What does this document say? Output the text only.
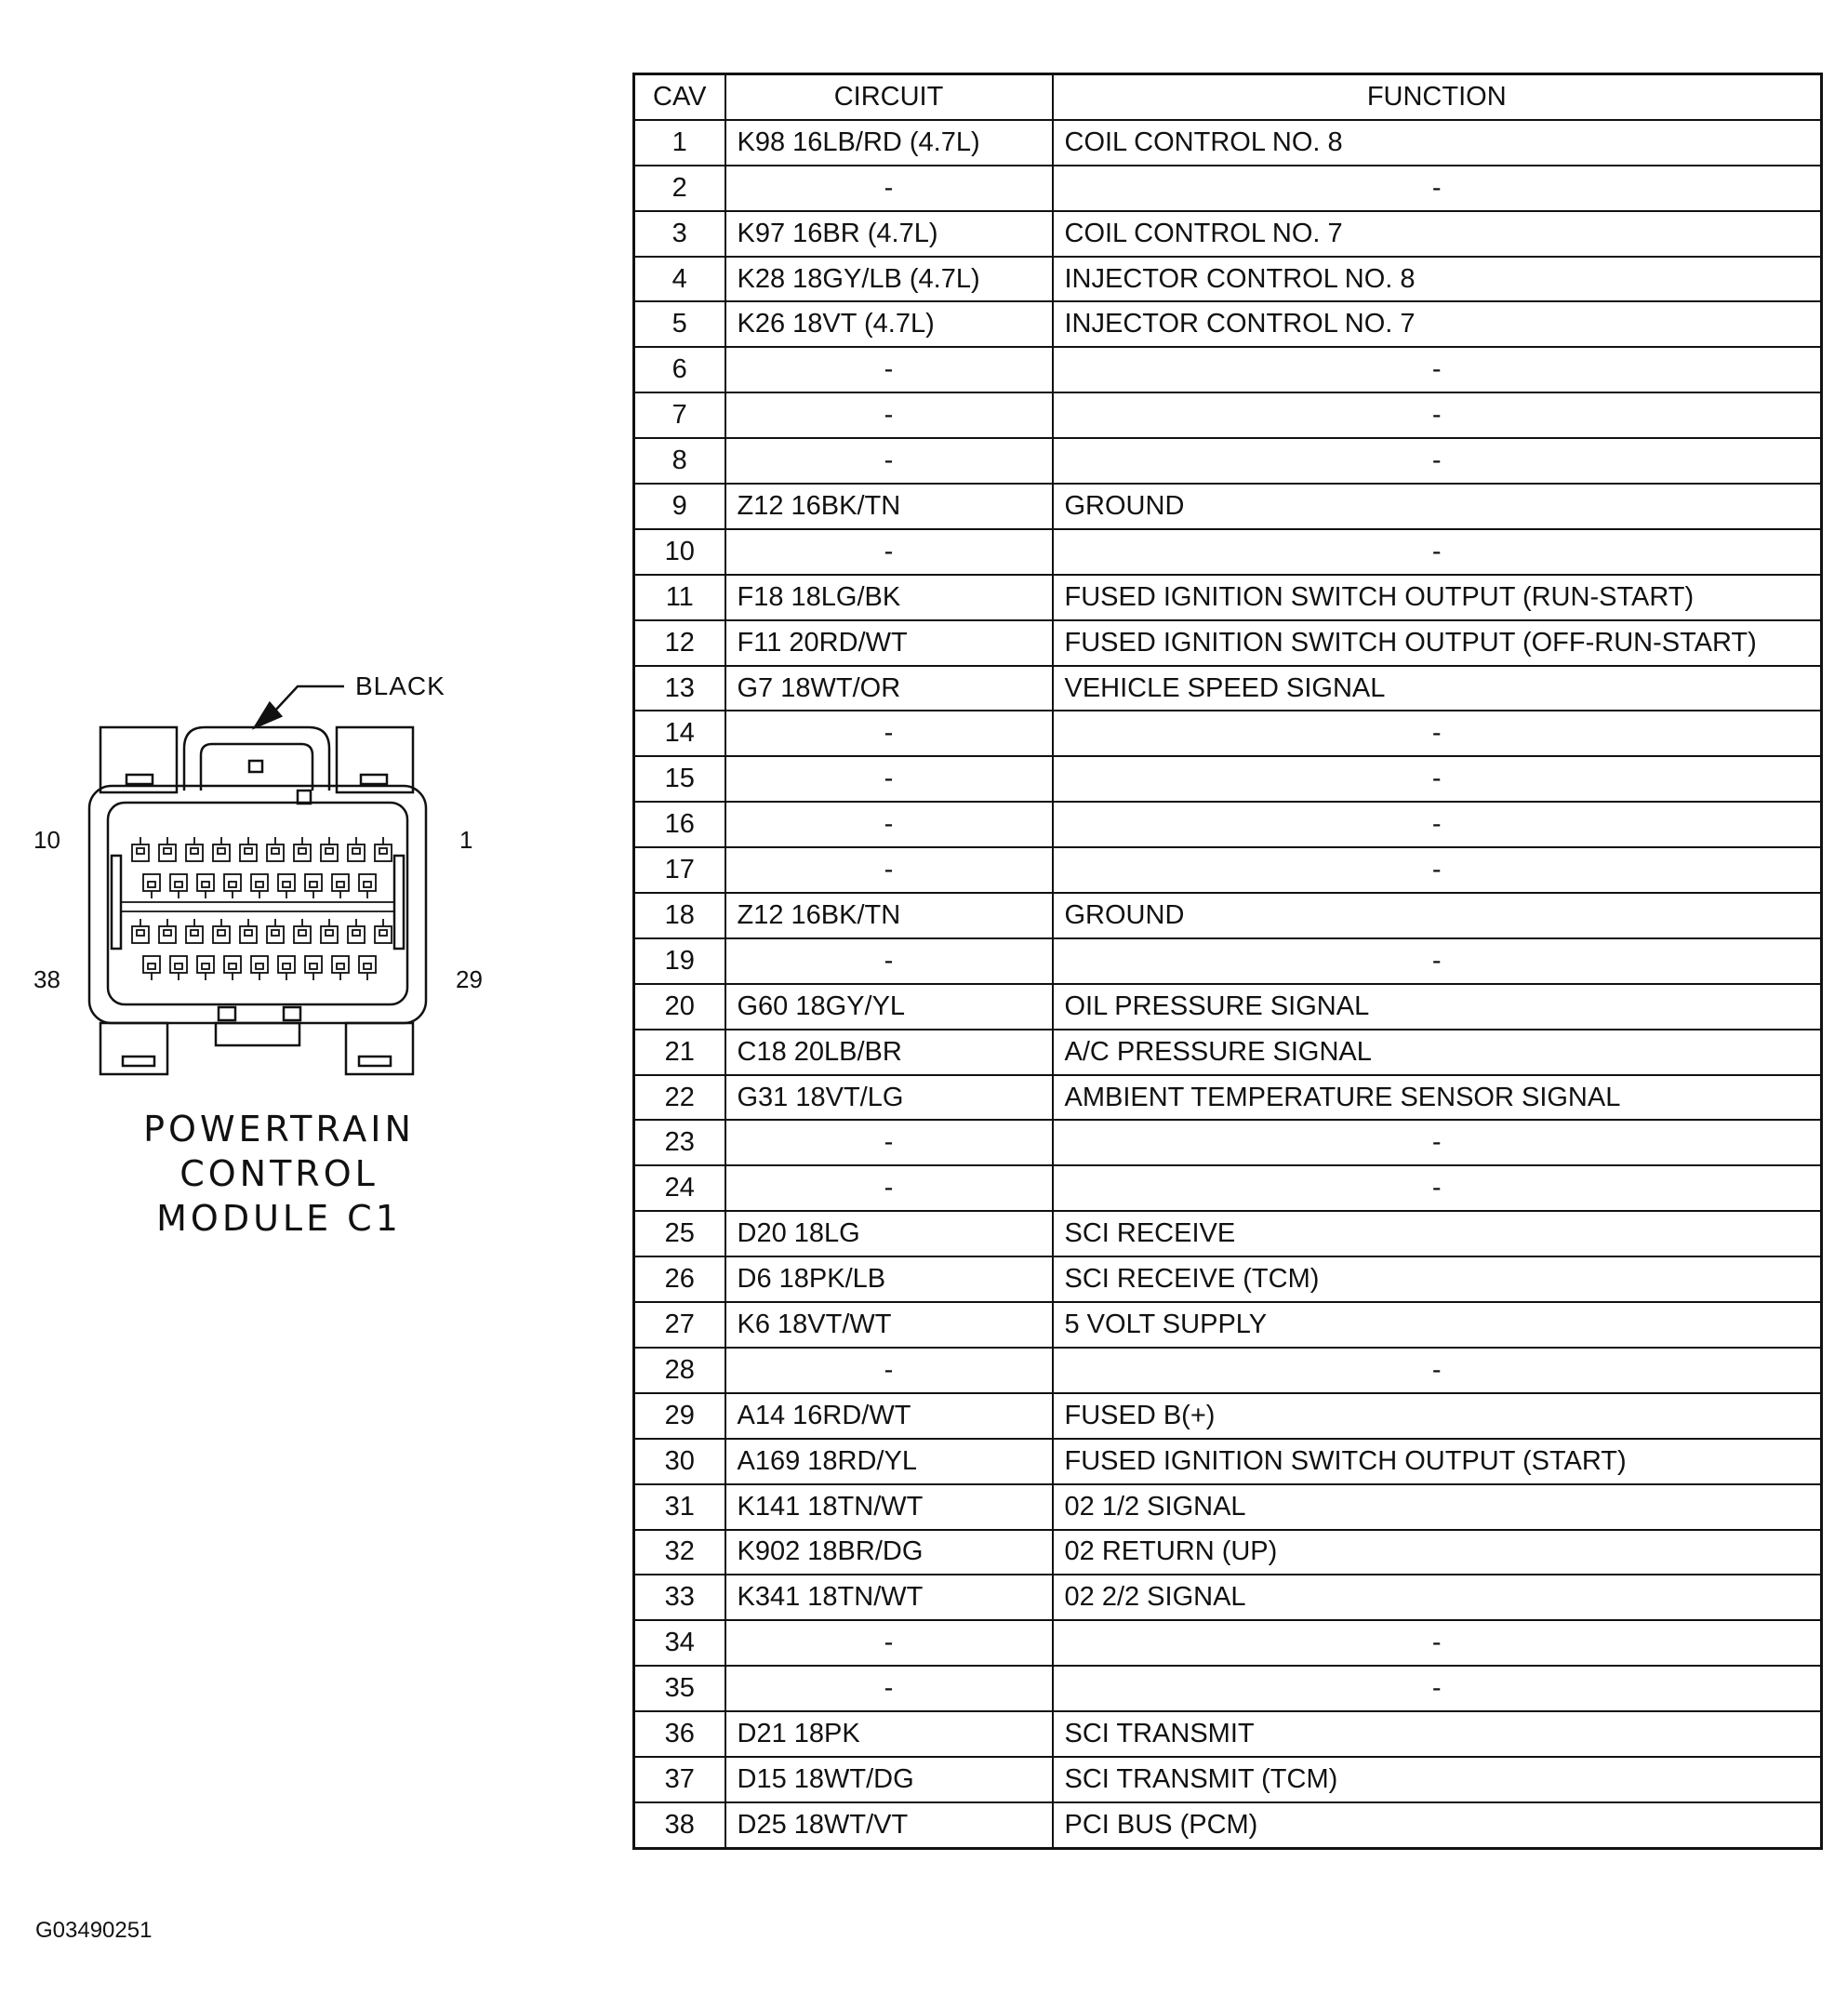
BLACK
10	1
38	29
POWERTRAIN
CONTROL
MODULE C1
CAV	CIRCUIT	FUNCTION
1	K98 16LB/RD (4.7L)	COIL CONTROL NO. 8
2	-	-
3	K97 16BR (4.7L)	COIL CONTROL NO. 7
4	K28 18GY/LB (4.7L)	INJECTOR CONTROL NO. 8
5	K26 18VT (4.7L)	INJECTOR CONTROL NO. 7
6	-	-
7	-	-
8	-	-
9	Z12 16BK/TN	GROUND
10	-	-
11	F18 18LG/BK	FUSED IGNITION SWITCH OUTPUT (RUN-START)
12	F11 20RD/WT	FUSED IGNITION SWITCH OUTPUT (OFF-RUN-START)
13	G7 18WT/OR	VEHICLE SPEED SIGNAL
14	-	-
15	-	-
16	-	-
17	-	-
18	Z12 16BK/TN	GROUND
19	-	-
20	G60 18GY/YL	OIL PRESSURE SIGNAL
21	C18 20LB/BR	A/C PRESSURE SIGNAL
22	G31 18VT/LG	AMBIENT TEMPERATURE SENSOR SIGNAL
23	-	-
24	-	-
25	D20 18LG	SCI RECEIVE
26	D6 18PK/LB	SCI RECEIVE (TCM)
27	K6 18VT/WT	5 VOLT SUPPLY
28	-	-
29	A14 16RD/WT	FUSED B(+)
30	A169 18RD/YL	FUSED IGNITION SWITCH OUTPUT (START)
31	K141 18TN/WT	02 1/2 SIGNAL
32	K902 18BR/DG	02 RETURN (UP)
33	K341 18TN/WT	02 2/2 SIGNAL
34	-	-
35	-	-
36	D21 18PK	SCI TRANSMIT
37	D15 18WT/DG	SCI TRANSMIT (TCM)
38	D25 18WT/VT	PCI BUS (PCM)
G03490251
